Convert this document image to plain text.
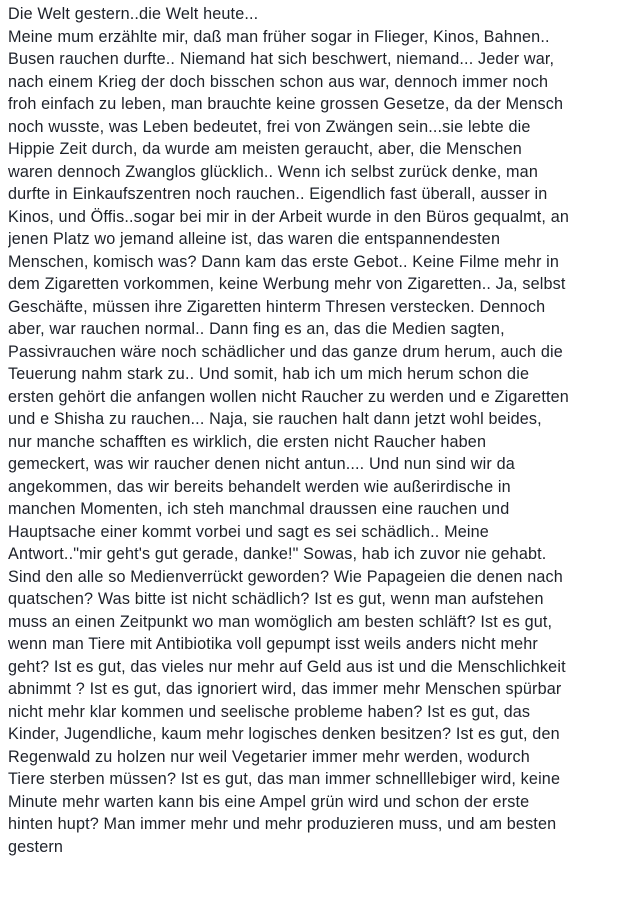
Die Welt gestern..die Welt heute...
Meine mum erzählte mir, daß man früher sogar in Flieger, Kinos, Bahnen..
Busen rauchen durfte.. Niemand hat sich beschwert, niemand... Jeder war,
nach einem Krieg der doch bisschen schon aus war, dennoch immer noch
froh einfach zu leben, man brauchte keine grossen Gesetze, da der Mensch
noch wusste, was Leben bedeutet, frei von Zwängen sein...sie lebte die
Hippie Zeit durch, da wurde am meisten geraucht, aber, die Menschen
waren dennoch Zwanglos glücklich.. Wenn ich selbst zurück denke, man
durfte in Einkaufszentren noch rauchen.. Eigendlich fast überall, ausser in
Kinos, und Öffis..sogar bei mir in der Arbeit wurde in den Büros gequalmt, an
jenen Platz wo jemand alleine ist, das waren die entspannendesten
Menschen, komisch was? Dann kam das erste Gebot.. Keine Filme mehr in
dem Zigaretten vorkommen, keine Werbung mehr von Zigaretten.. Ja, selbst
Geschäfte, müssen ihre Zigaretten hinterm Thresen verstecken. Dennoch
aber, war rauchen normal.. Dann fing es an, das die Medien sagten,
Passivrauchen wäre noch schädlicher und das ganze drum herum, auch die
Teuerung nahm stark zu.. Und somit, hab ich um mich herum schon die
ersten gehört die anfangen wollen nicht Raucher zu werden und e Zigaretten
und e Shisha zu rauchen... Naja, sie rauchen halt dann jetzt wohl beides,
nur manche schafften es wirklich, die ersten nicht Raucher haben
gemeckert, was wir raucher denen nicht antun.... Und nun sind wir da
angekommen, das wir bereits behandelt werden wie außerirdische in
manchen Momenten, ich steh manchmal draussen eine rauchen und
Hauptsache einer kommt vorbei und sagt es sei schädlich.. Meine
Antwort.."mir geht's gut gerade, danke!" Sowas, hab ich zuvor nie gehabt.
Sind den alle so Medienverrückt geworden? Wie Papageien die denen nach
quatschen? Was bitte ist nicht schädlich? Ist es gut, wenn man aufstehen
muss an einen Zeitpunkt wo man womöglich am besten schläft? Ist es gut,
wenn man Tiere mit Antibiotika voll gepumpt isst weils anders nicht mehr
geht? Ist es gut, das vieles nur mehr auf Geld aus ist und die Menschlichkeit
abnimmt ? Ist es gut, das ignoriert wird, das immer mehr Menschen spürbar
nicht mehr klar kommen und seelische probleme haben? Ist es gut, das
Kinder, Jugendliche, kaum mehr logisches denken besitzen? Ist es gut, den
Regenwald zu holzen nur weil Vegetarier immer mehr werden, wodurch
Tiere sterben müssen? Ist es gut, das man immer schnelllebiger wird, keine
Minute mehr warten kann bis eine Ampel grün wird und schon der erste
hinten hupt? Man immer mehr und mehr produzieren muss, und am besten
gestern
